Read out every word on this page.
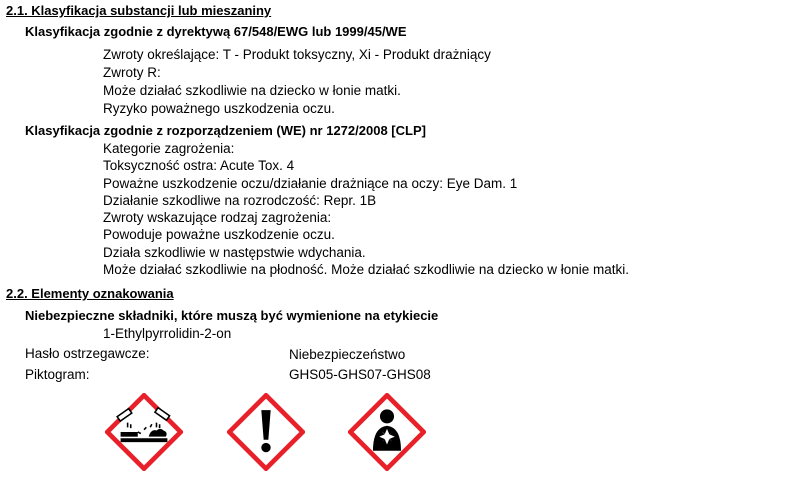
2.1. Klasyfikacja substancji lub mieszaniny
Klasyfikacja zgodnie z dyrektywą 67/548/EWG lub 1999/45/WE
Zwroty określające: T - Produkt toksyczny, Xi - Produkt drażniący
Zwroty R:
Może działać szkodliwie na dziecko w łonie matki.
Ryzyko poważnego uszkodzenia oczu.
Klasyfikacja zgodnie z rozporządzeniem (WE) nr 1272/2008 [CLP]
Kategorie zagrożenia:
Toksyczność ostra: Acute Tox. 4
Poważne uszkodzenie oczu/działanie drażniące na oczy: Eye Dam. 1
Działanie szkodliwe na rozrodczość: Repr. 1B
Zwroty wskazujące rodzaj zagrożenia:
Powoduje poważne uszkodzenie oczu.
Działa szkodliwie w następstwie wdychania.
Może działać szkodliwie na płodność. Może działać szkodliwie na dziecko w łonie matki.
2.2. Elementy oznakowania
Niebezpieczne składniki, które muszą być wymienione na etykiecie
1-Ethylpyrrolidin-2-on
Hasło ostrzegawcze:	Niebezpieczeństwo
Piktogram:	GHS05-GHS07-GHS08
